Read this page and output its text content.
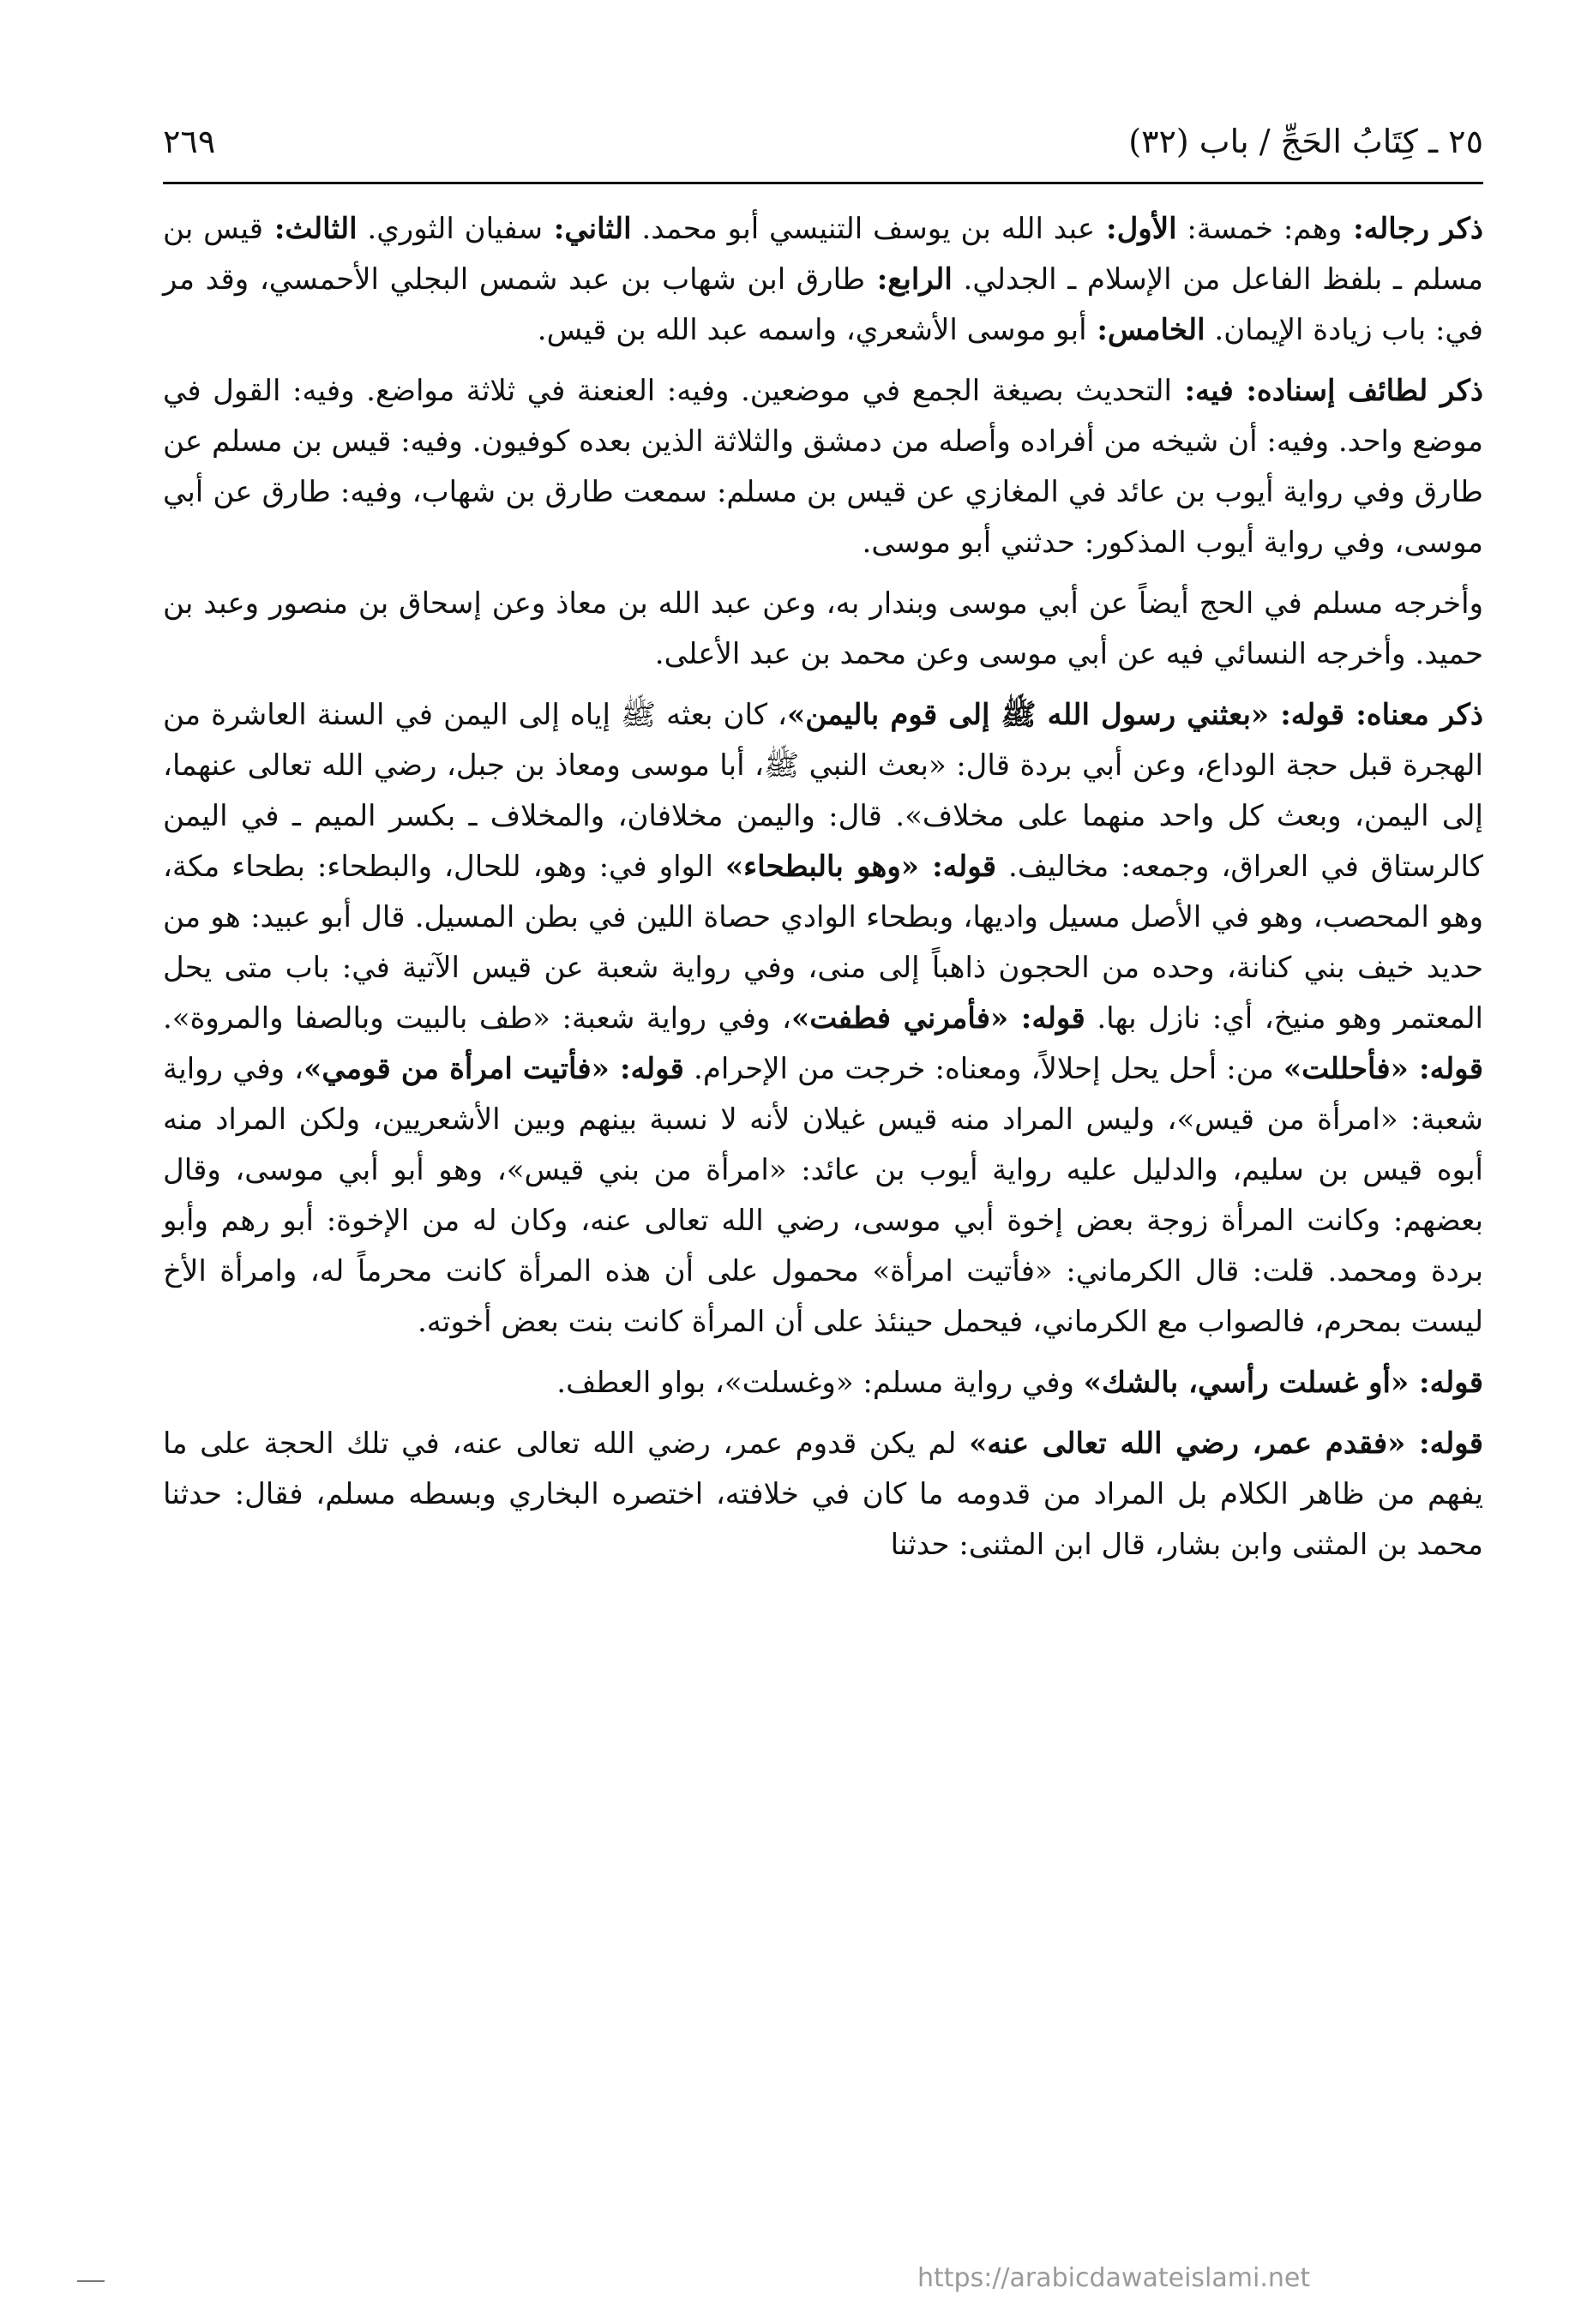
٢٥ ـ كِتَابُ الحَجِّ / باب (٣٢)
٢٦٩

ذكر رجاله: وهم: خمسة: الأول: عبد الله بن يوسف التنيسي أبو محمد. الثاني: سفيان الثوري. الثالث: قيس بن مسلم ـ بلفظ الفاعل من الإسلام ـ الجدلي. الرابع: طارق ابن شهاب بن عبد شمس البجلي الأحمسي، وقد مر في: باب زيادة الإيمان. الخامس: أبو موسى الأشعري، واسمه عبد الله بن قيس.

ذكر لطائف إسناده: فيه: التحديث بصيغة الجمع في موضعين. وفيه: العنعنة في ثلاثة مواضع. وفيه: القول في موضع واحد. وفيه: أن شيخه من أفراده وأصله من دمشق والثلاثة الذين بعده كوفيون. وفيه: قيس بن مسلم عن طارق وفي رواية أيوب بن عائد في المغازي عن قيس بن مسلم: سمعت طارق بن شهاب، وفيه: طارق عن أبي موسى، وفي رواية أيوب المذكور: حدثني أبو موسى.

وأخرجه مسلم في الحج أيضاً عن أبي موسى وبندار به، وعن عبد الله بن معاذ وعن إسحاق بن منصور وعبد بن حميد. وأخرجه النسائي فيه عن أبي موسى وعن محمد بن عبد الأعلى.

ذكر معناه: قوله: «بعثني رسول الله ﷺ إلى قوم باليمن»، كان بعثه ﷺ إياه إلى اليمن في السنة العاشرة من الهجرة قبل حجة الوداع، وعن أبي بردة قال: «بعث النبي ﷺ، أبا موسى ومعاذ بن جبل، رضي الله تعالى عنهما، إلى اليمن، وبعث كل واحد منهما على مخلاف». قال: واليمن مخلافان، والمخلاف ـ بكسر الميم ـ في اليمن كالرستاق في العراق، وجمعه: مخاليف. قوله: «وهو بالبطحاء» الواو في: وهو، للحال، والبطحاء: بطحاء مكة، وهو المحصب، وهو في الأصل مسيل واديها، وبطحاء الوادي حصاة اللين في بطن المسيل. قال أبو عبيد: هو من حديد خيف بني كنانة، وحده من الحجون ذاهباً إلى منى، وفي رواية شعبة عن قيس الآتية في: باب متى يحل المعتمر وهو منيخ، أي: نازل بها. قوله: «فأمرني فطفت»، وفي رواية شعبة: «طف بالبيت وبالصفا والمروة». قوله: «فأحللت» من: أحل يحل إحلالاً، ومعناه: خرجت من الإحرام. قوله: «فأتيت امرأة من قومي»، وفي رواية شعبة: «امرأة من قيس»، وليس المراد منه قيس غيلان لأنه لا نسبة بينهم وبين الأشعريين، ولكن المراد منه أبوه قيس بن سليم، والدليل عليه رواية أيوب بن عائد: «امرأة من بني قيس»، وهو أبو أبي موسى، وقال بعضهم: وكانت المرأة زوجة بعض إخوة أبي موسى، رضي الله تعالى عنه، وكان له من الإخوة: أبو رهم وأبو بردة ومحمد. قلت: قال الكرماني: «فأتيت امرأة» محمول على أن هذه المرأة كانت محرماً له، وامرأة الأخ ليست بمحرم، فالصواب مع الكرماني، فيحمل حينئذ على أن المرأة كانت بنت بعض أخوته.

قوله: «أو غسلت رأسي، بالشك» وفي رواية مسلم: «وغسلت»، بواو العطف.

قوله: «فقدم عمر، رضي الله تعالى عنه» لم يكن قدوم عمر، رضي الله تعالى عنه، في تلك الحجة على ما يفهم من ظاهر الكلام بل المراد من قدومه ما كان في خلافته، اختصره البخاري وبسطه مسلم، فقال: حدثنا محمد بن المثنى وابن بشار، قال ابن المثنى: حدثنا

https://arabicdawateislami.net
